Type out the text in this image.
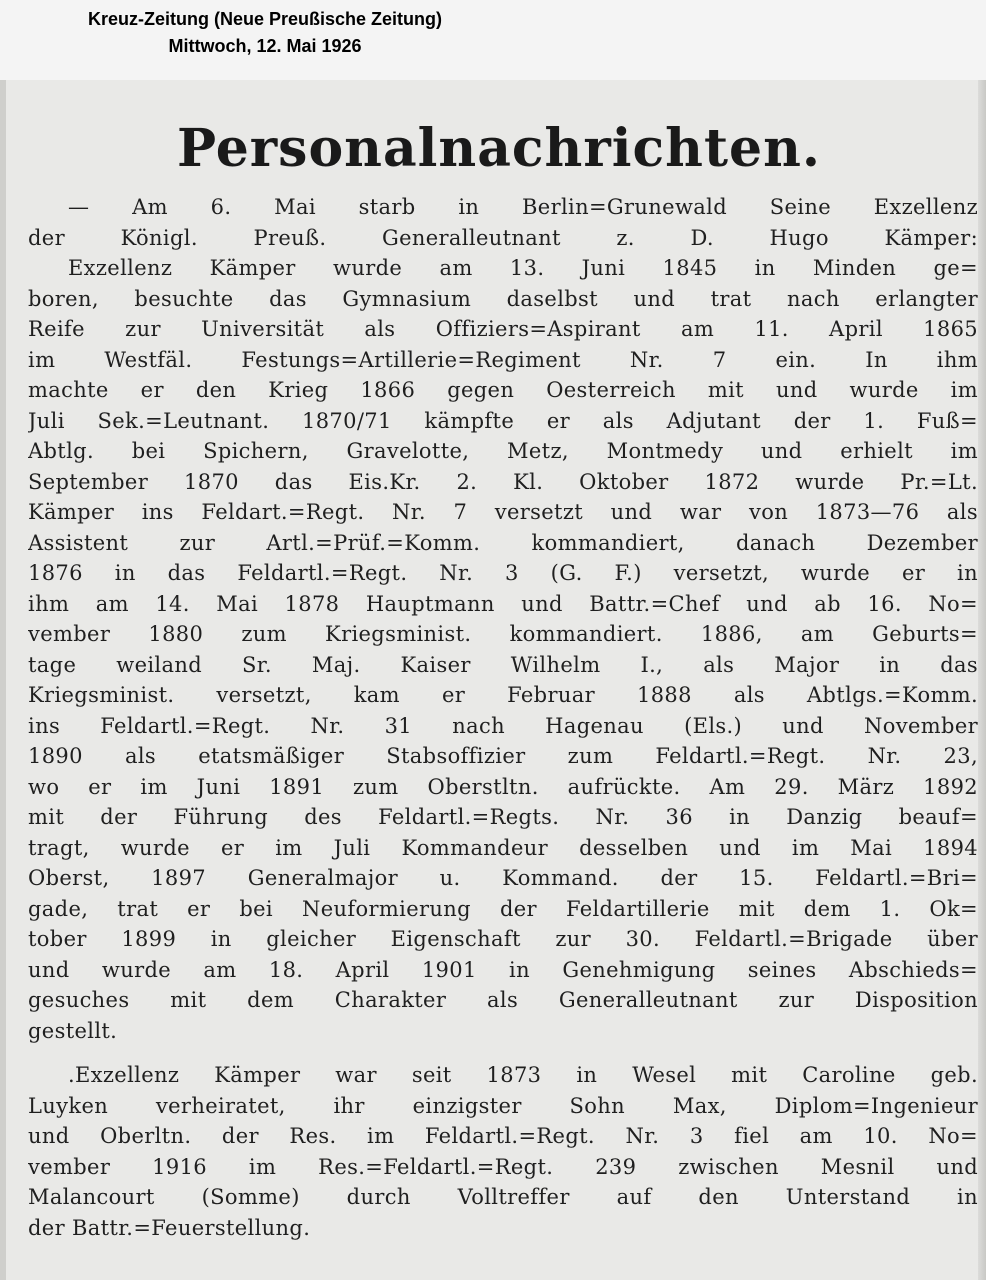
Kreuz-Zeitung (Neue Preußische Zeitung)
Mittwoch, 12. Mai 1926
Personalnachrichten.
— Am 6. Mai starb in Berlin=Grunewald Seine Exzellenz
der Königl. Preuß. Generalleutnant z. D. Hugo Kämper:
Exzellenz Kämper wurde am 13. Juni 1845 in Minden ge=
boren, besuchte das Gymnasium daselbst und trat nach erlangter
Reife zur Universität als Offiziers=Aspirant am 11. April 1865
im Westfäl. Festungs=Artillerie=Regiment Nr. 7 ein. In ihm
machte er den Krieg 1866 gegen Oesterreich mit und wurde im
Juli Sek.=Leutnant. 1870/71 kämpfte er als Adjutant der 1. Fuß=
Abtlg. bei Spichern, Gravelotte, Metz, Montmedy und erhielt im
September 1870 das Eis.Kr. 2. Kl. Oktober 1872 wurde Pr.=Lt.
Kämper ins Feldart.=Regt. Nr. 7 versetzt und war von 1873—76 als
Assistent zur Artl.=Prüf.=Komm. kommandiert, danach Dezember
1876 in das Feldartl.=Regt. Nr. 3 (G. F.) versetzt, wurde er in
ihm am 14. Mai 1878 Hauptmann und Battr.=Chef und ab 16. No=
vember 1880 zum Kriegsminist. kommandiert. 1886, am Geburts=
tage weiland Sr. Maj. Kaiser Wilhelm I., als Major in das
Kriegsminist. versetzt, kam er Februar 1888 als Abtlgs.=Komm.
ins Feldartl.=Regt. Nr. 31 nach Hagenau (Els.) und November
1890 als etatsmäßiger Stabsoffizier zum Feldartl.=Regt. Nr. 23,
wo er im Juni 1891 zum Oberstltn. aufrückte. Am 29. März 1892
mit der Führung des Feldartl.=Regts. Nr. 36 in Danzig beauf=
tragt, wurde er im Juli Kommandeur desselben und im Mai 1894
Oberst, 1897 Generalmajor u. Kommand. der 15. Feldartl.=Bri=
gade, trat er bei Neuformierung der Feldartillerie mit dem 1. Ok=
tober 1899 in gleicher Eigenschaft zur 30. Feldartl.=Brigade über
und wurde am 18. April 1901 in Genehmigung seines Abschieds=
gesuches mit dem Charakter als Generalleutnant zur Disposition
gestellt.
.Exzellenz Kämper war seit 1873 in Wesel mit Caroline geb.
Luyken verheiratet, ihr einzigster Sohn Max, Diplom=Ingenieur
und Oberltn. der Res. im Feldartl.=Regt. Nr. 3 fiel am 10. No=
vember 1916 im Res.=Feldartl.=Regt. 239 zwischen Mesnil und
Malancourt (Somme) durch Volltreffer auf den Unterstand in
der Battr.=Feuerstellung.
